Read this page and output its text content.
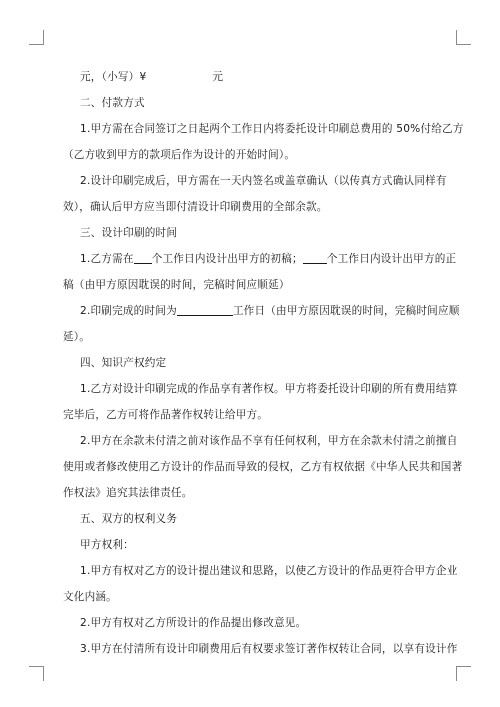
元，（小写）¥	元
二、付款方式
1.甲方需在合同签订之日起两个工作日内将委托设计印刷总费用的 50%付给乙方
（乙方收到甲方的款项后作为设计的开始时间）。
2.设计印刷完成后，甲方需在一天内签名或盖章确认（以传真方式确认同样有
效），确认后甲方应当即付清设计印刷费用的全部余款。
三、设计印刷的时间
1.乙方需在 个工作日内设计出甲方的初稿； 个工作日内设计出甲方的正
稿（由甲方原因耽误的时间，完稿时间应顺延）
2.印刷完成的时间为	工作日（由甲方原因耽误的时间，完稿时间应顺
延）。
四、知识产权约定
1.乙方对设计印刷完成的作品享有著作权。甲方将委托设计印刷的所有费用结算
完毕后，乙方可将作品著作权转让给甲方。
2.甲方在余款未付清之前对该作品不享有任何权利，甲方在余款未付清之前擅自
使用或者修改使用乙方设计的作品而导致的侵权，乙方有权依据《中华人民共和国著
作权法》追究其法律责任。
五、双方的权利义务
甲方权利：
1.甲方有权对乙方的设计提出建议和思路，以使乙方设计的作品更符合甲方企业
文化内涵。
2.甲方有权对乙方所设计的作品提出修改意见。
3.甲方在付清所有设计印刷费用后有权要求签订著作权转让合同，以享有设计作
